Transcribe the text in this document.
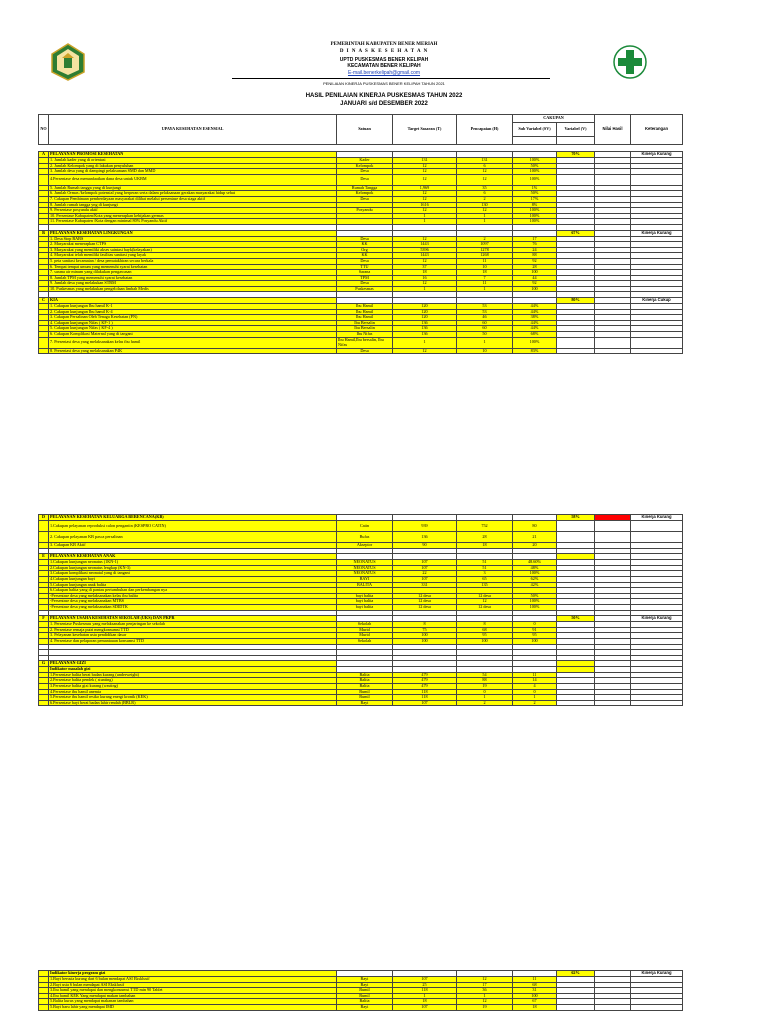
PEMERINTAH KABUPATEN BENER MERIAH
D I N A S K E S E H A T A N
UPTD PUSKESMAS BENER KELIPAH
KECAMATAN BENER KELIPAH
E-mail.benerkelipah@gmail.com
PENILAIAN KINERJA PUSKESMAS BENER KELIPAH TAHUN 2021
HASIL PENILAIAN KINERJA PUSKESMAS TAHUN 2022
JANUARI s/d DESEMBER 2022
NO	UPAYA KESEHATAN ESENSIAL	Satuan	Target Sasaran (T)	Pencapaian (H)	CAKUPAN		Nilai Hasil	Keterangan
					Sub Variabel (SV)	Variabel (V)		

A	PELAYANAN PROMOSI KESEHATAN					70%		Kinerja Kurang
	1. Jumlah kader yang di orientasi	Kader	131	131	100%			
	2. Jumlah Kelompok yang di lakukan penyuluhan	Kelompok	12	6	50%			
	3. Jumlah desa yang di dampingi pelaksanaan SMD dan MMD	Desa	12	12	100%			
	4.Persentase desa memanfaatkan dana desa untuk UKBM	Desa	12	12	100%			
	5. Jumlah Rumah tangga yang di kunjungi	Rumah Tangga	1,969	35	1%			
	6. Jumlah Ormas /kelompok potensial yang berperan serta dalam pelaksanaan gerakan masyarakat hidup sehat	Kelompok	12	6	50%			
	7. Cakupan Pembinaan pemberdayaan masyarakat dilihat melalui persentase desa siaga aktif	Desa	12	2	17%			
	8. Jumlah rumah tangga yng di kunjungi		1616	130	8%			
	9. Persentase posyandu aktif	Posyandu	12	12	100%			
	10. Persentase Kabupaten/Kota yang menerapkan kebijakan germas		1	1	100%			
	11. Persentase Kabupaten /Kota dengan minimal 80% Posyandu Aktif		1	1	100%			

B	PELAYANAN KESEHATAN LINGKUNGAN					67%		Kinerja Kurang
	1. Desa Stop BABS	Desa	12	2	17			
	2. Masyarakat menerapkan CTPS	KK	1443	1097	76			
	3. Masyarakat yang memiliki akses saintasi bayk(kelayakan)	Org	5396	1278	24			
	4. Masyarakat telah memiliki fasilitas sanitasi yang layak	KK	1443	1268	88			
	5. peta sanitasi kecamatan / desa pemutakhiran secara berkala	Desa	12	11	92			
	6. Tempat tempat umum yang memenuhi syarat kesehatan	TTU	37	10	28			
	7. sarana air minum yang dilakukan pengawasan	Sarana	18	18	100			
	8. Jumlah TPM yang memenuhi syarat kesehatan	TPM	16	7	44			
	9. Jumlah desa yang melakukan STBM	Desa	12	11	92			
	10. Puskesmas yang melakukan pengelolaan limbah Medis	Puskesmas	1	1	100			

C	KIA					80%		Kinerja Cukup
	1. Cakupan kunjungan Ibu hamil K-1	Ibu Hamil	120	53	44%			
	2. Cakupan kunjungan Ibu hamil K-4	Ibu Hamil	120	53	44%			
	3. Cakupan Persalinan Oleh Tenaga Kesehatan (PN)	Ibu Hamil	120	46	38%			
	4. Cakupan kunjungan Nifas ( KF-1 )	Ibu Bersalin	136	60	44%			
	5. Cakupan kunjungan Nifas ( KF-4 )	Ibu Bersalin	136	60	44%			
	6. Cakupan Komplikasi Maternal yang di tangani	Ibu Nifas	136	50	68%			
	7. Presentasi desa yang melaksanakan kelas ibu hamil	Ibu Hamil,Ibu bersalin, Ibu Nifas	1	1	100%			
	8. Presentasi desa yang melaksanakan P4K	Desa	12	10	83%			
D	PELAYANAN KESEHATAN KELUARGA BERENCANA(KB)					58%		Kinerja Kurang
	1.Cakupan pelayanan reproduksi calon pengantin (KESPRO CATIN)	Catin	939	752	80			
	2. Cakupan pelayanan KB pasca persalinan	Bufas	136	28	21			
	3. Cakupan KB Aktif	Akseptor	90	18	20			

E	PELAYANAN KESEHATAN ANAK							
	1.Cakupan kunjungan neonatus (1KN-1)	NEONATUS	107	51	48.60%			
	2.Cakupan kunjungan neonatus lengkap (KN-3)	NEONATUS	107	51	48%			
	3.Cakupan komplikasi neonatal yang di tangani	NEONATUS	22	3	100%			
	4.Cakupan kunjungan bayi	BAYI	107	65	62%			
	5.Cakupan kunjungan anak balita	BALITA	331	135	42%			
	6.Cakupan balita yang di pantau pertumbuhan dan perkembangan nya							
	-Persentase desa yang melaksanakan kelas ibu balita	bayi balita	12 desa	12 desa	50%			
	-Persentase desa yang melaksanakan MTBS	bayi balita	12 desa	12	100%			
	-Persentase desa yang melaksanakan SDIDTK	bayi balita	12 desa	12 desa	100%			

F	PELAYANAN USAHA KESEHATAN SEKOLAH (UKS) DAN PKPR					50%		Kinerja Kurang
	1. Persentase Puskesmas yang melaksanakan penjaringan ke sekolah	Sekolah	8	8	0			
	2. Persentase remaja putri mengkonsumsi TTD	Murid	75	68	91			
	3. Pelayanan kesehatan usia pendidikan dasar	Murid	100	95	95			
	4. Persentase dan pelaporan pemantauan konsumsi TTD	Sekolah	100	100	100			

G	PELAYANAN GIZI							
	Indikator masalah gizi							
	1.Persentase balita berat badan kurang (underweight)	Balita	479	54	11			
	2.Persentase balita pendek ( stunting)	Balita	479	88	14			
	3.Persentase balita gizi kurang (wasting)	Balita	479	19	4			
	4.Persentase ibu hamil anemia	Bumil	118	0	0			
	5.Persentase ibu hamil resiko kurang energi kronik (KEK)	Bumil	118	1	1			
	6.Persentase bayi berat badan lahir rendah (BBLR)	Bayi	107	2	2			
	Indikator kinerja program gizi					62%		Kinerja Kurang
	1.Bayi berusia kurang dari 6 bulan mendapat ASI Eksklusif	Bayi	107	12	11			
	2.Bayi usia 6 bulan mendapat ASI Eksklusif	Bayi	25	17	68			
	3.Ibu hamil yang mendapat dan mengkonsumsi TTD min 90 Tablet	Bumil	118	36	31			
	4.Ibu hamil KEK Yang mendapat makan tambahan	Bumil	1	1	100			
	5.Balita kurus yang mendapat makanan tambahan	Balita	18	12	67			
	5.Bayi baru lahir yang mendapat IMD	Bayi	107	19	18			
